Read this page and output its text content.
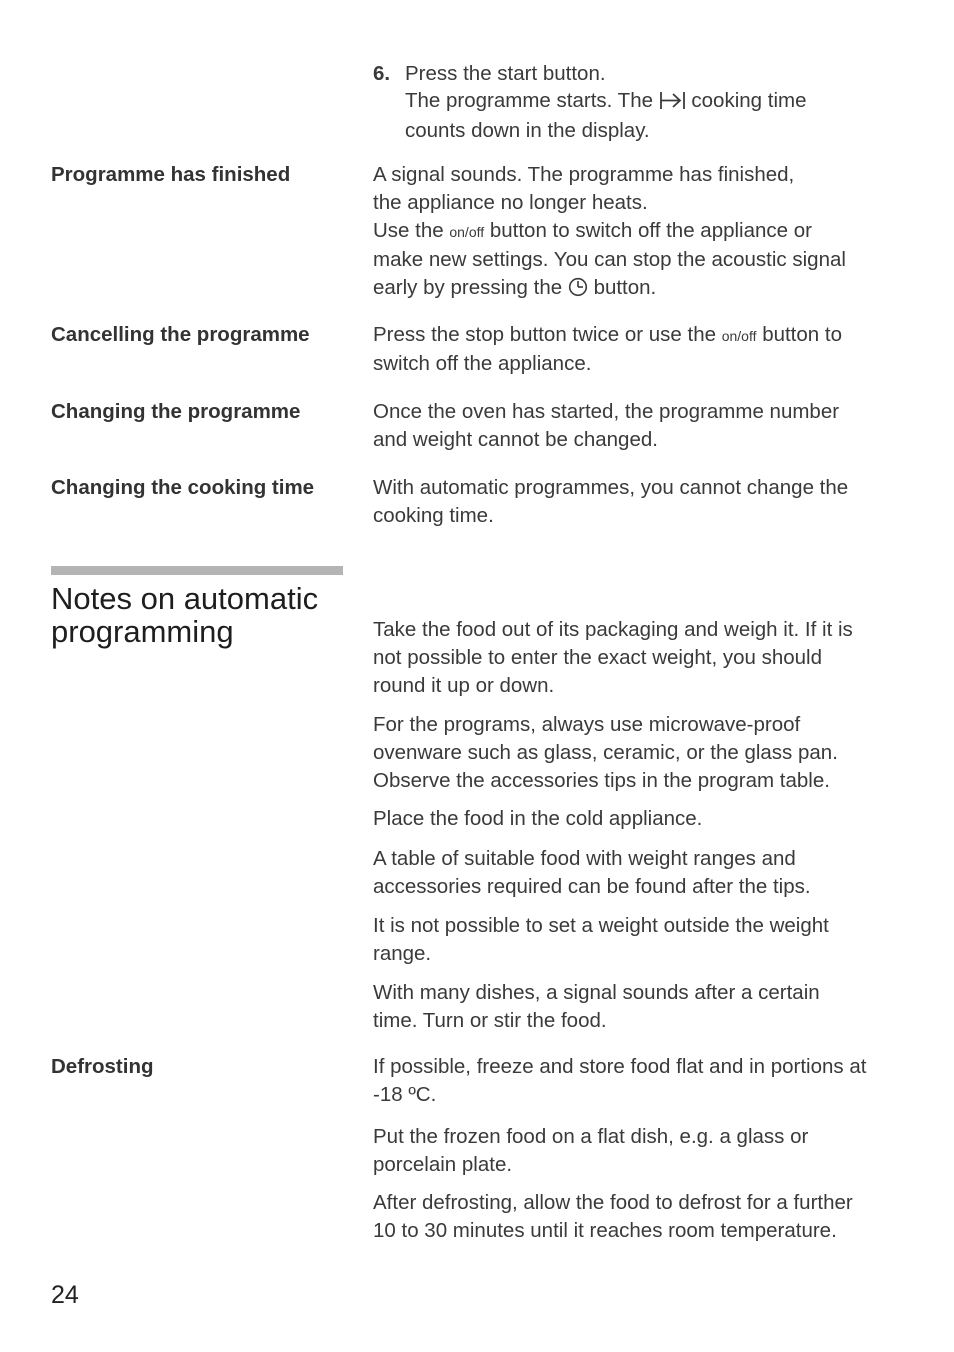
6. Press the start button.

The programme starts. The cooking time

counts down in the display.

Programme has finished	A signal sounds. The programme has finished,

the appliance no longer heats.

Use the on/off button to switch off the appliance or

make new settings. You can stop the acoustic signal

early by pressing the button.

Cancelling the programme	Press the stop button twice or use the on/off button to

switch off the appliance.

Changing the programme	Once the oven has started, the programme number

and weight cannot be changed.

Changing the cooking time	With automatic programmes, you cannot change the

cooking time.

Notes on automatic
programming	Take the food out of its packaging and weigh it. If it is

not possible to enter the exact weight, you should

round it up or down.

For the programs, always use microwave-proof

ovenware such as glass, ceramic, or the glass pan.

Observe the accessories tips in the program table.

Place the food in the cold appliance.

A table of suitable food with weight ranges and

accessories required can be found after the tips.

It is not possible to set a weight outside the weight

range.

With many dishes, a signal sounds after a certain

time. Turn or stir the food.

Defrosting	If possible, freeze and store food flat and in portions at

-18 ºC.

Put the frozen food on a flat dish, e.g. a glass or

porcelain plate.

After defrosting, allow the food to defrost for a further

10 to 30 minutes until it reaches room temperature.

24
